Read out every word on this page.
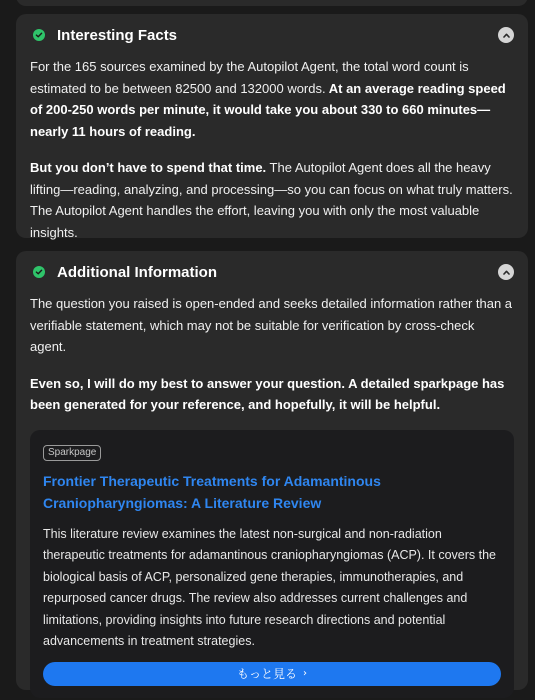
Interesting Facts

For the 165 sources examined by the Autopilot Agent, the total word count is estimated to be between 82500 and 132000 words. At an average reading speed of 200-250 words per minute, it would take you about 330 to 660 minutes—nearly 11 hours of reading.

But you don’t have to spend that time. The Autopilot Agent does all the heavy lifting—reading, analyzing, and processing—so you can focus on what truly matters. The Autopilot Agent handles the effort, leaving you with only the most valuable insights.

Additional Information

The question you raised is open-ended and seeks detailed information rather than a verifiable statement, which may not be suitable for verification by cross-check agent.

Even so, I will do my best to answer your question. A detailed sparkpage has been generated for your reference, and hopefully, it will be helpful.

Sparkpage
Frontier Therapeutic Treatments for Adamantinous Craniopharyngiomas: A Literature Review
This literature review examines the latest non-surgical and non-radiation therapeutic treatments for adamantinous craniopharyngiomas (ACP). It covers the biological basis of ACP, personalized gene therapies, immunotherapies, and repurposed cancer drugs. The review also addresses current challenges and limitations, providing insights into future research directions and potential advancements in treatment strategies.
もっと見る ›
